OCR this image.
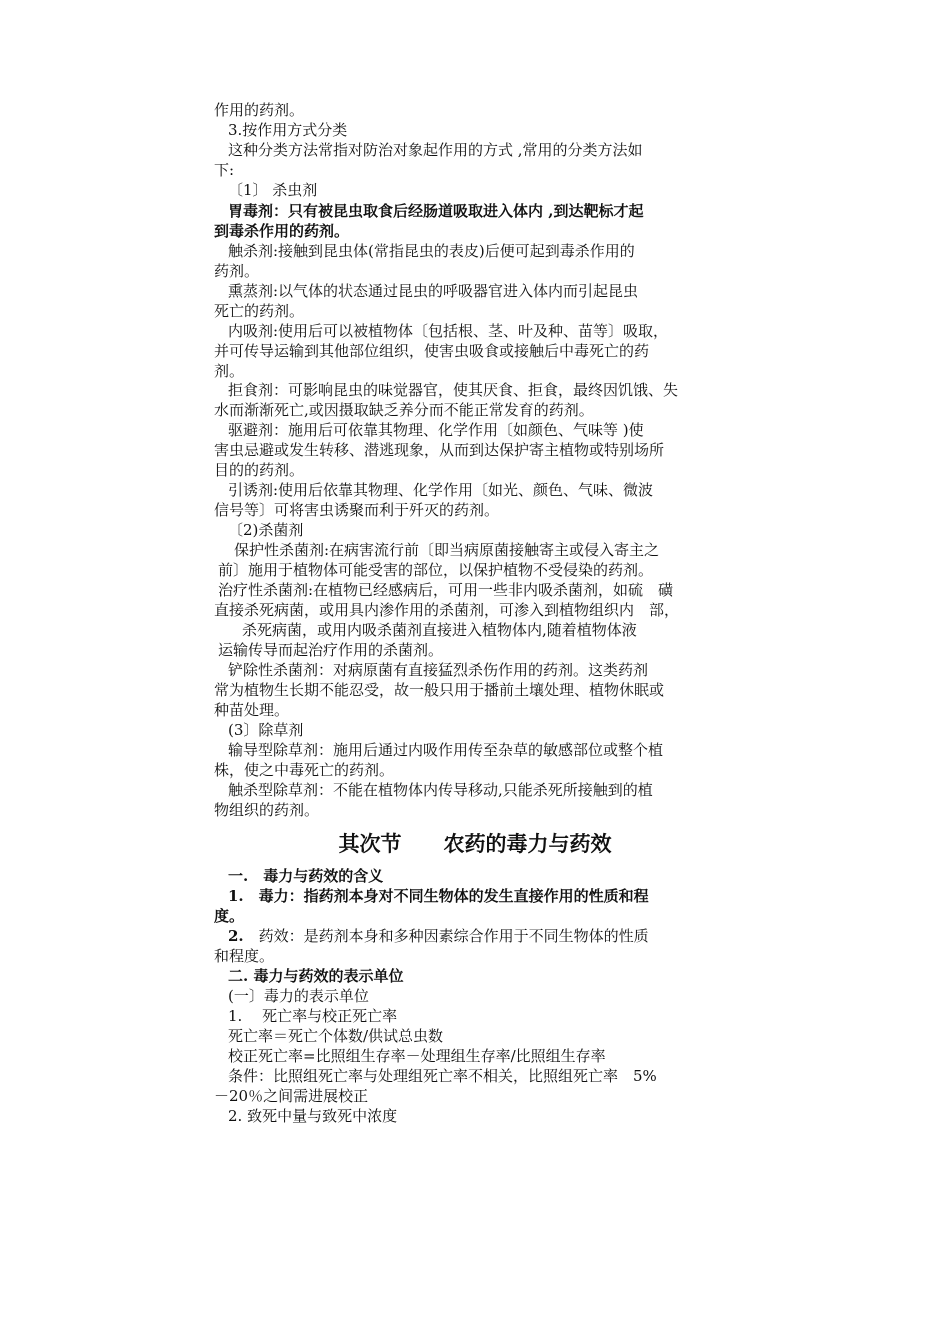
作用的药剂。
3.按作用方式分类
这种分类方法常指对防治对象起作用的方式 ,常用的分类方法如
下:
〔1〕 杀虫剂
胃毒剂：只有被昆虫取食后经肠道吸取进入体内 ,到达靶标才起
到毒杀作用的药剂。
触杀剂:接触到昆虫体(常指昆虫的表皮)后便可起到毒杀作用的
药剂。
熏蒸剂:以气体的状态通过昆虫的呼吸器官进入体内而引起昆虫
死亡的药剂。
内吸剂:使用后可以被植物体〔包括根、茎、叶及种、苗等〕吸取，
并可传导运输到其他部位组织，使害虫吸食或接触后中毒死亡的药
剂。
拒食剂：可影响昆虫的味觉器官，使其厌食、拒食，最终因饥饿、失
水而渐渐死亡,或因摄取缺乏养分而不能正常发育的药剂。
驱避剂：施用后可依靠其物理、化学作用〔如颜色、气味等 )使
害虫忌避或发生转移、潜逃现象，从而到达保护寄主植物或特别场所
目的的药剂。
引诱剂:使用后依靠其物理、化学作用〔如光、颜色、气味、微波
信号等〕可将害虫诱聚而利于歼灭的药剂。
〔2)杀菌剂
保护性杀菌剂:在病害流行前〔即当病原菌接触寄主或侵入寄主之
前〕施用于植物体可能受害的部位，以保护植物不受侵染的药剂。
治疗性杀菌剂:在植物已经感病后，可用一些非内吸杀菌剂，如硫　磺
直接杀死病菌，或用具内渗作用的杀菌剂，可渗入到植物组织内　部，
杀死病菌，或用内吸杀菌剂直接进入植物体内,随着植物体液
运输传导而起治疗作用的杀菌剂。
铲除性杀菌剂：对病原菌有直接猛烈杀伤作用的药剂。这类药剂
常为植物生长期不能忍受，故一般只用于播前土壤处理、植物休眠或
种苗处理。
(3〕除草剂
输导型除草剂：施用后通过内吸作用传至杂草的敏感部位或整个植
株，使之中毒死亡的药剂。
触杀型除草剂：不能在植物体内传导移动,只能杀死所接触到的植
物组织的药剂。
其次节　　农药的毒力与药效
一.　毒力与药效的含义
1.　毒力：指药剂本身对不同生物体的发生直接作用的性质和程
度。
2.　药效：是药剂本身和多种因素综合作用于不同生物体的性质
和程度。
二. 毒力与药效的表示单位
(一〕毒力的表示单位
1.　 死亡率与校正死亡率
死亡率＝死亡个体数/供试总虫数
校正死亡率=比照组生存率－处理组生存率/比照组生存率
条件：比照组死亡率与处理组死亡率不相关，比照组死亡率　5%
－20％之间需进展校正
2. 致死中量与致死中浓度
